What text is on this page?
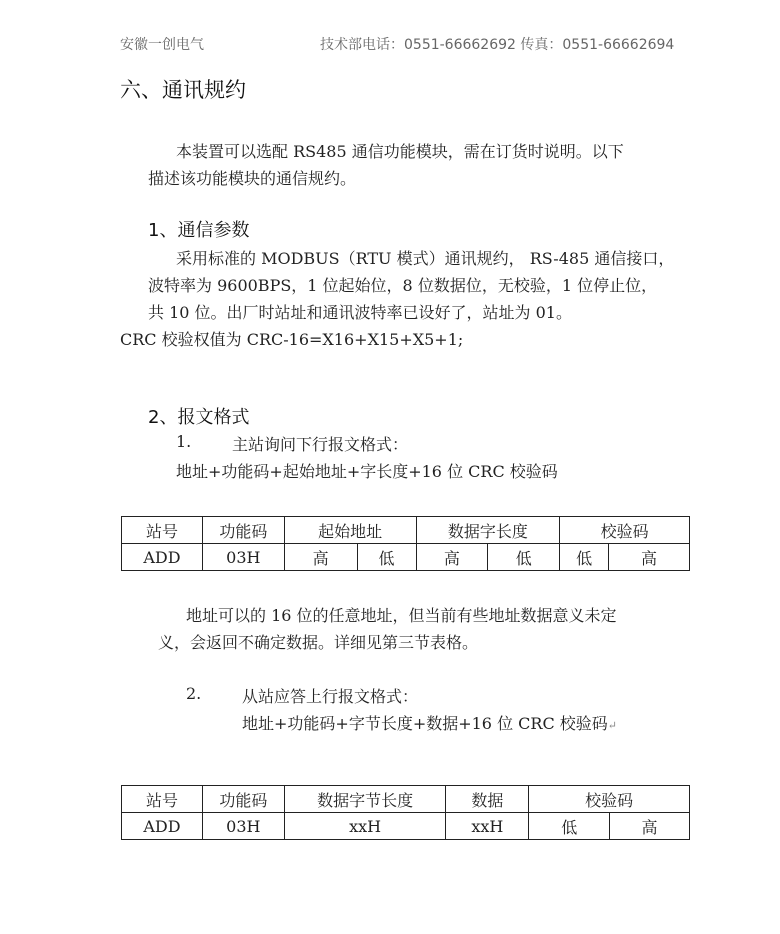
安徽一创电气	技术部电话：0551-66662692 传真：0551-66662694
六、通讯规约
本装置可以选配 RS485 通信功能模块，需在订货时说明。以下
描述该功能模块的通信规约。
1、通信参数
采用标准的 MODBUS（RTU 模式）通讯规约， RS-485 通信接口，
波特率为 9600BPS，1 位起始位，8 位数据位，无校验，1 位停止位，
共 10 位。出厂时站址和通讯波特率已设好了，站址为 01。
CRC 校验权值为 CRC-16=X16+X15+X5+1;
2、报文格式
1.	主站询问下行报文格式：
地址+功能码+起始地址+字长度+16 位 CRC 校验码
站号	功能码	起始地址		数据字长度		校验码	
ADD	03H	高	低	高	低	低	高
地址可以的 16 位的任意地址，但当前有些地址数据意义未定
义，会返回不确定数据。详细见第三节表格。
2.	从站应答上行报文格式：
地址+功能码+字节长度+数据+16 位 CRC 校验码↵
站号	功能码	数据字节长度	数据	校验码	
ADD	03H	xxH	xxH	低	高
